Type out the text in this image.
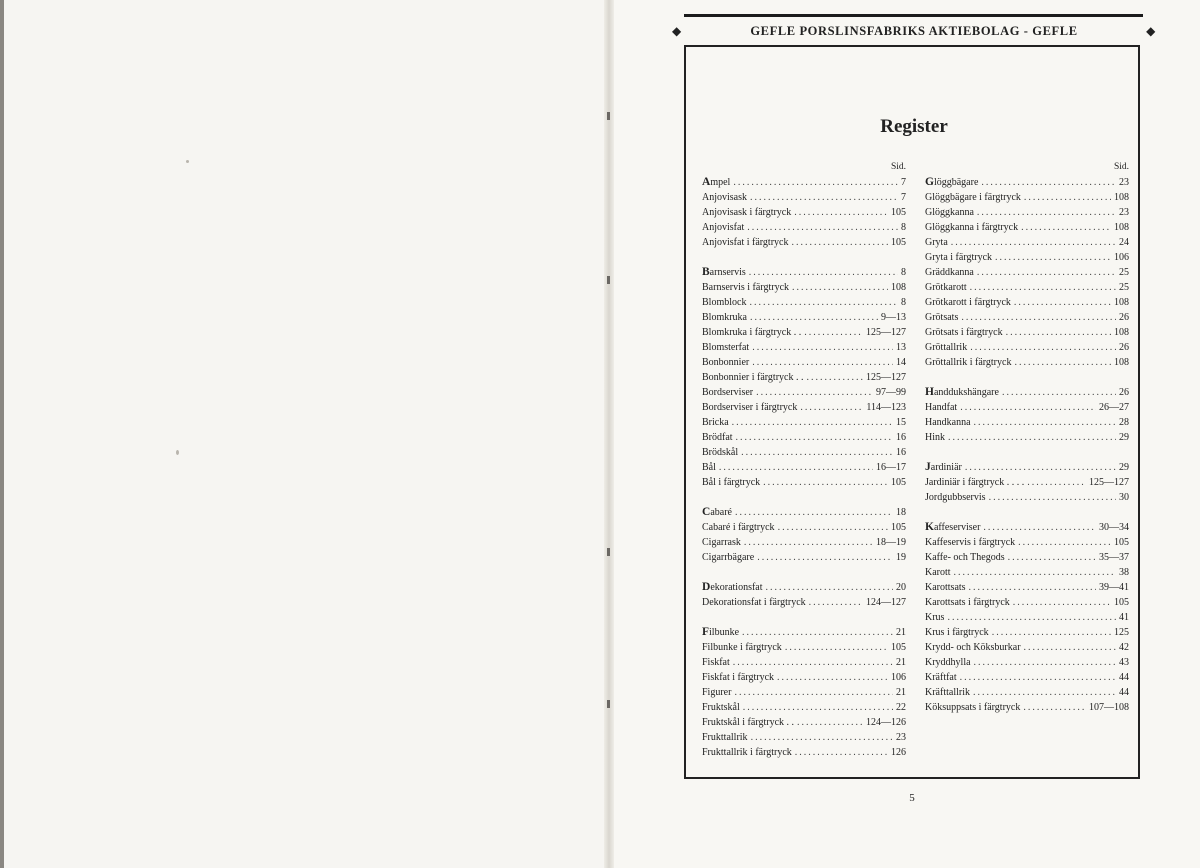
◆	GEFLE PORSLINSFABRIKS AKTIEBOLAG - GEFLE	◆
Register
Sid.
Ampel .....	7
Anjovisask .....	7
Anjovisask i färgtryck .....	105
Anjovisfat .....	8
Anjovisfat i färgtryck .....	105
Barnservis .....	8
Barnservis i färgtryck .....	108
Blomblock .....	8
Blomkruka .....	9—13
Blomkruka i färgtryck . . .....	125—127
Blomsterfat .....	13
Bonbonnier .....	14
Bonbonnier i färgtryck . . .....	125—127
Bordserviser .....	97—99
Bordserviser i färgtryck .....	114—123
Bricka .....	15
Brödfat .....	16
Brödskål .....	16
Bål .....	16—17
Bål i färgtryck .....	105
Cabaré .....	18
Cabaré i färgtryck .....	105
Cigarrask .....	18—19
Cigarrbägare .....	19
Dekorationsfat .....	20
Dekorationsfat i färgtryck .....	124—127
Filbunke .....	21
Filbunke i färgtryck .....	105
Fiskfat .....	21
Fiskfat i färgtryck .....	106
Figurer .....	21
Fruktskål .....	22
Fruktskål i färgtryck . . .....	124—126
Frukttallrik .....	23
Frukttallrik i färgtryck .....	126
Sid.
Glöggbägare .....	23
Glöggbägare i färgtryck .....	108
Glöggkanna .....	23
Glöggkanna i färgtryck .....	108
Gryta .....	24
Gryta i färgtryck .....	106
Gräddkanna .....	25
Grötkarott .....	25
Grötkarott i färgtryck .....	108
Grötsats .....	26
Grötsats i färgtryck .....	108
Gröttallrik .....	26
Gröttallrik i färgtryck .....	108
Handdukshängare .....	26
Handfat .....	26—27
Handkanna .....	28
Hink .....	29
Jardiniär .....	29
Jardiniär i färgtryck . . . . .....	125—127
Jordgubbservis .....	30
Kaffeserviser .....	30—34
Kaffeservis i färgtryck .....	105
Kaffe- och Thegods .....	35—37
Karott .....	38
Karottsats .....	39—41
Karottsats i färgtryck .....	105
Krus .....	41
Krus i färgtryck .....	125
Krydd- och Köksburkar .....	42
Kryddhylla .....	43
Kräftfat .....	44
Kräfttallrik .....	44
Köksuppsats i färgtryck .....	107—108
5
